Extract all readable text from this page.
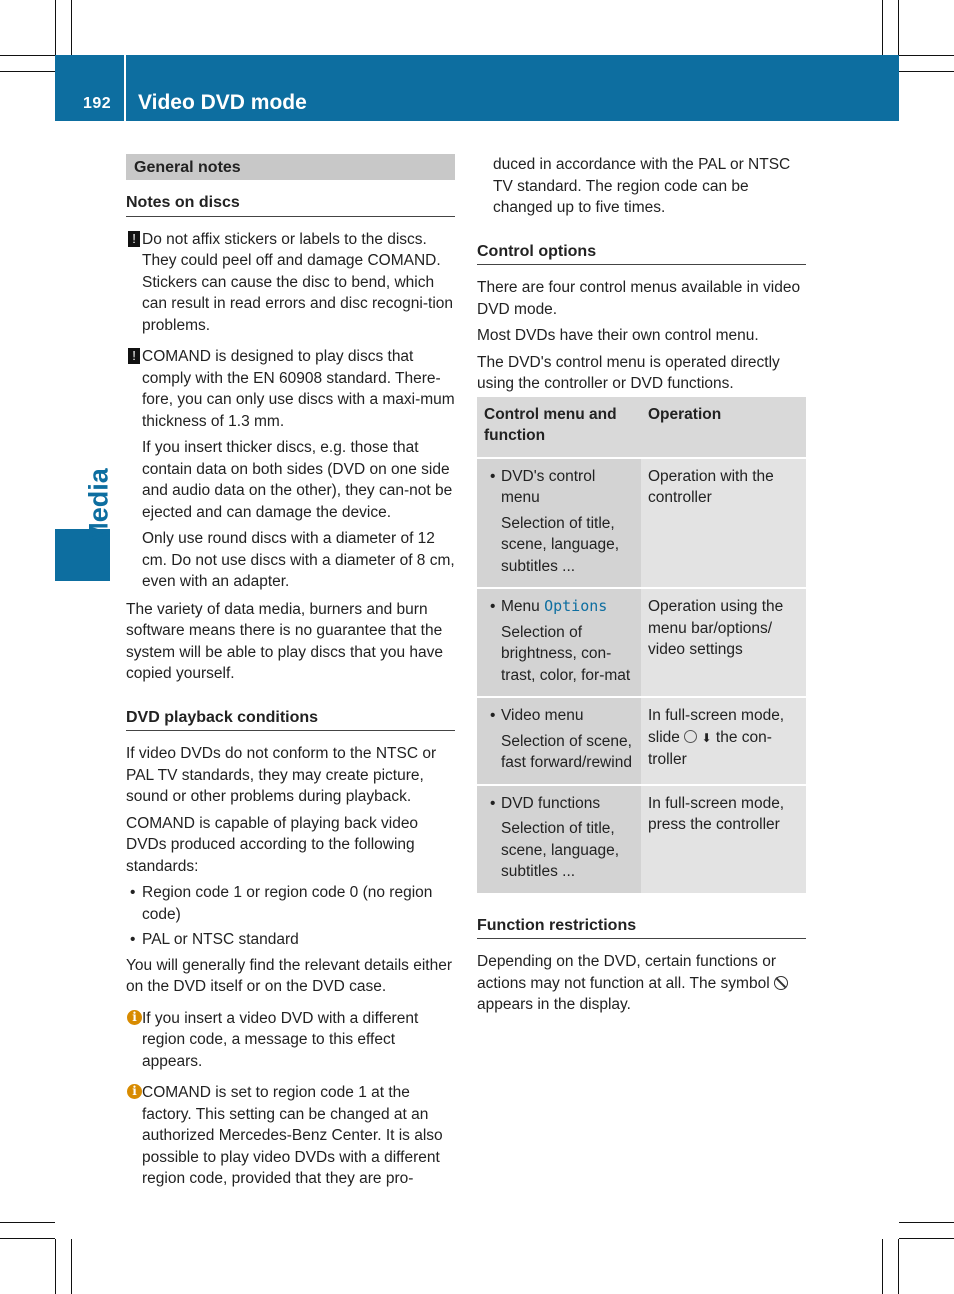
192 Video DVD mode
Media
General notes
Notes on discs
! Do not affix stickers or labels to the discs. They could peel off and damage COMAND. Stickers can cause the disc to bend, which can result in read errors and disc recogni-tion problems.
! COMAND is designed to play discs that comply with the EN 60908 standard. There-fore, you can only use discs with a maxi-mum thickness of 1.3 mm.

If you insert thicker discs, e.g. those that contain data on both sides (DVD on one side and audio data on the other), they can-not be ejected and can damage the device.

Only use round discs with a diameter of 12 cm. Do not use discs with a diameter of 8 cm, even with an adapter.

The variety of data media, burners and burn software means there is no guarantee that the system will be able to play discs that you have copied yourself.

DVD playback conditions

If video DVDs do not conform to the NTSC or PAL TV standards, they may create picture, sound or other problems during playback.

COMAND is capable of playing back video DVDs produced according to the following standards:

• Region code 1 or region code 0 (no region code)
• PAL or NTSC standard

You will generally find the relevant details either on the DVD itself or on the DVD case.

i If you insert a video DVD with a different region code, a message to this effect appears.
i COMAND is set to region code 1 at the factory. This setting can be changed at an authorized Mercedes-Benz Center. It is also possible to play video DVDs with a different region code, provided that they are pro-

duced in accordance with the PAL or NTSC TV standard. The region code can be changed up to five times.

Control options

There are four control menus available in video DVD mode.

Most DVDs have their own control menu.

The DVD's control menu is operated directly using the controller or DVD functions.

Control menu and function	Operation

• DVD's control menu
Selection of title, scene, language, subtitles ...	Operation with the controller

• Menu Options
Selection of brightness, con-trast, color, for-mat	Operation using the menu bar/options/ video settings

• Video menu
Selection of scene, fast forward/rewind	In full-screen mode, slide ⬇ the con-troller

• DVD functions
Selection of title, scene, language, subtitles ...	In full-screen mode, press the controller
Function restrictions

Depending on the DVD, certain functions or actions may not function at all. The symbol  appears in the display.
